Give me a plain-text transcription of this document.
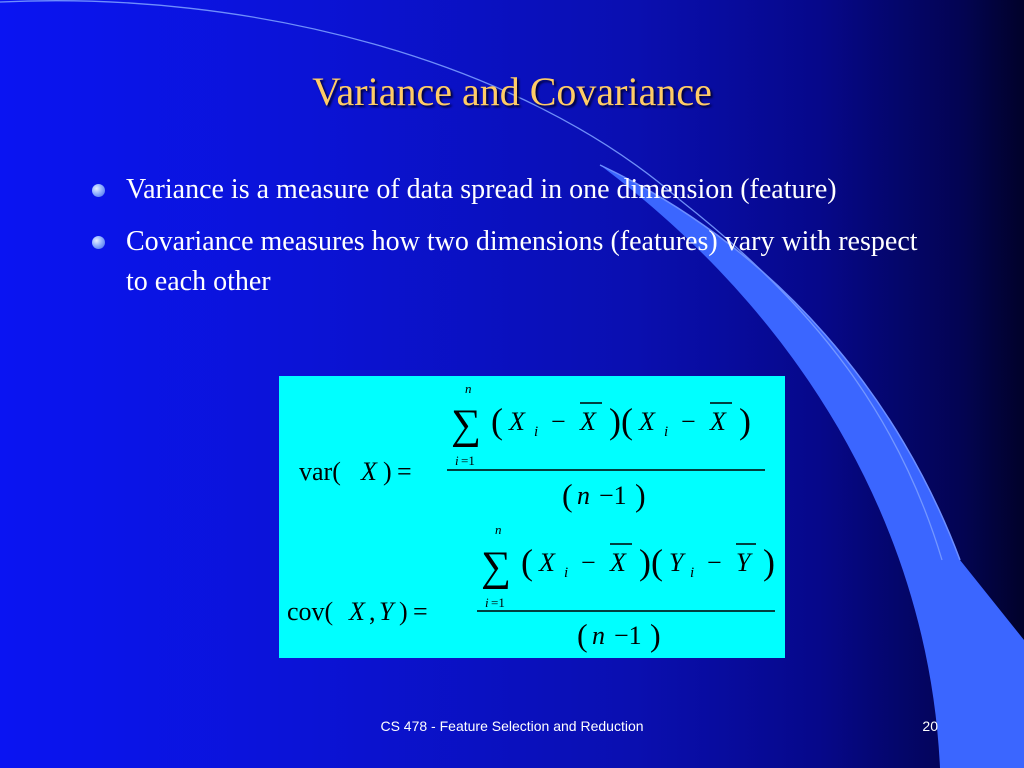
Variance and Covariance
Variance is a measure of data spread in one dimension (feature)
Covariance measures how two dimensions (features) vary with respect to each other
var( X ) =
n
∑
i =1
( X i − X ) ( X i − X )
( n −1 )
cov( X , Y ) =
n
∑
i =1
( X i − X ) ( Y i − Y )
( n −1 )
CS 478 - Feature Selection and Reduction	20
